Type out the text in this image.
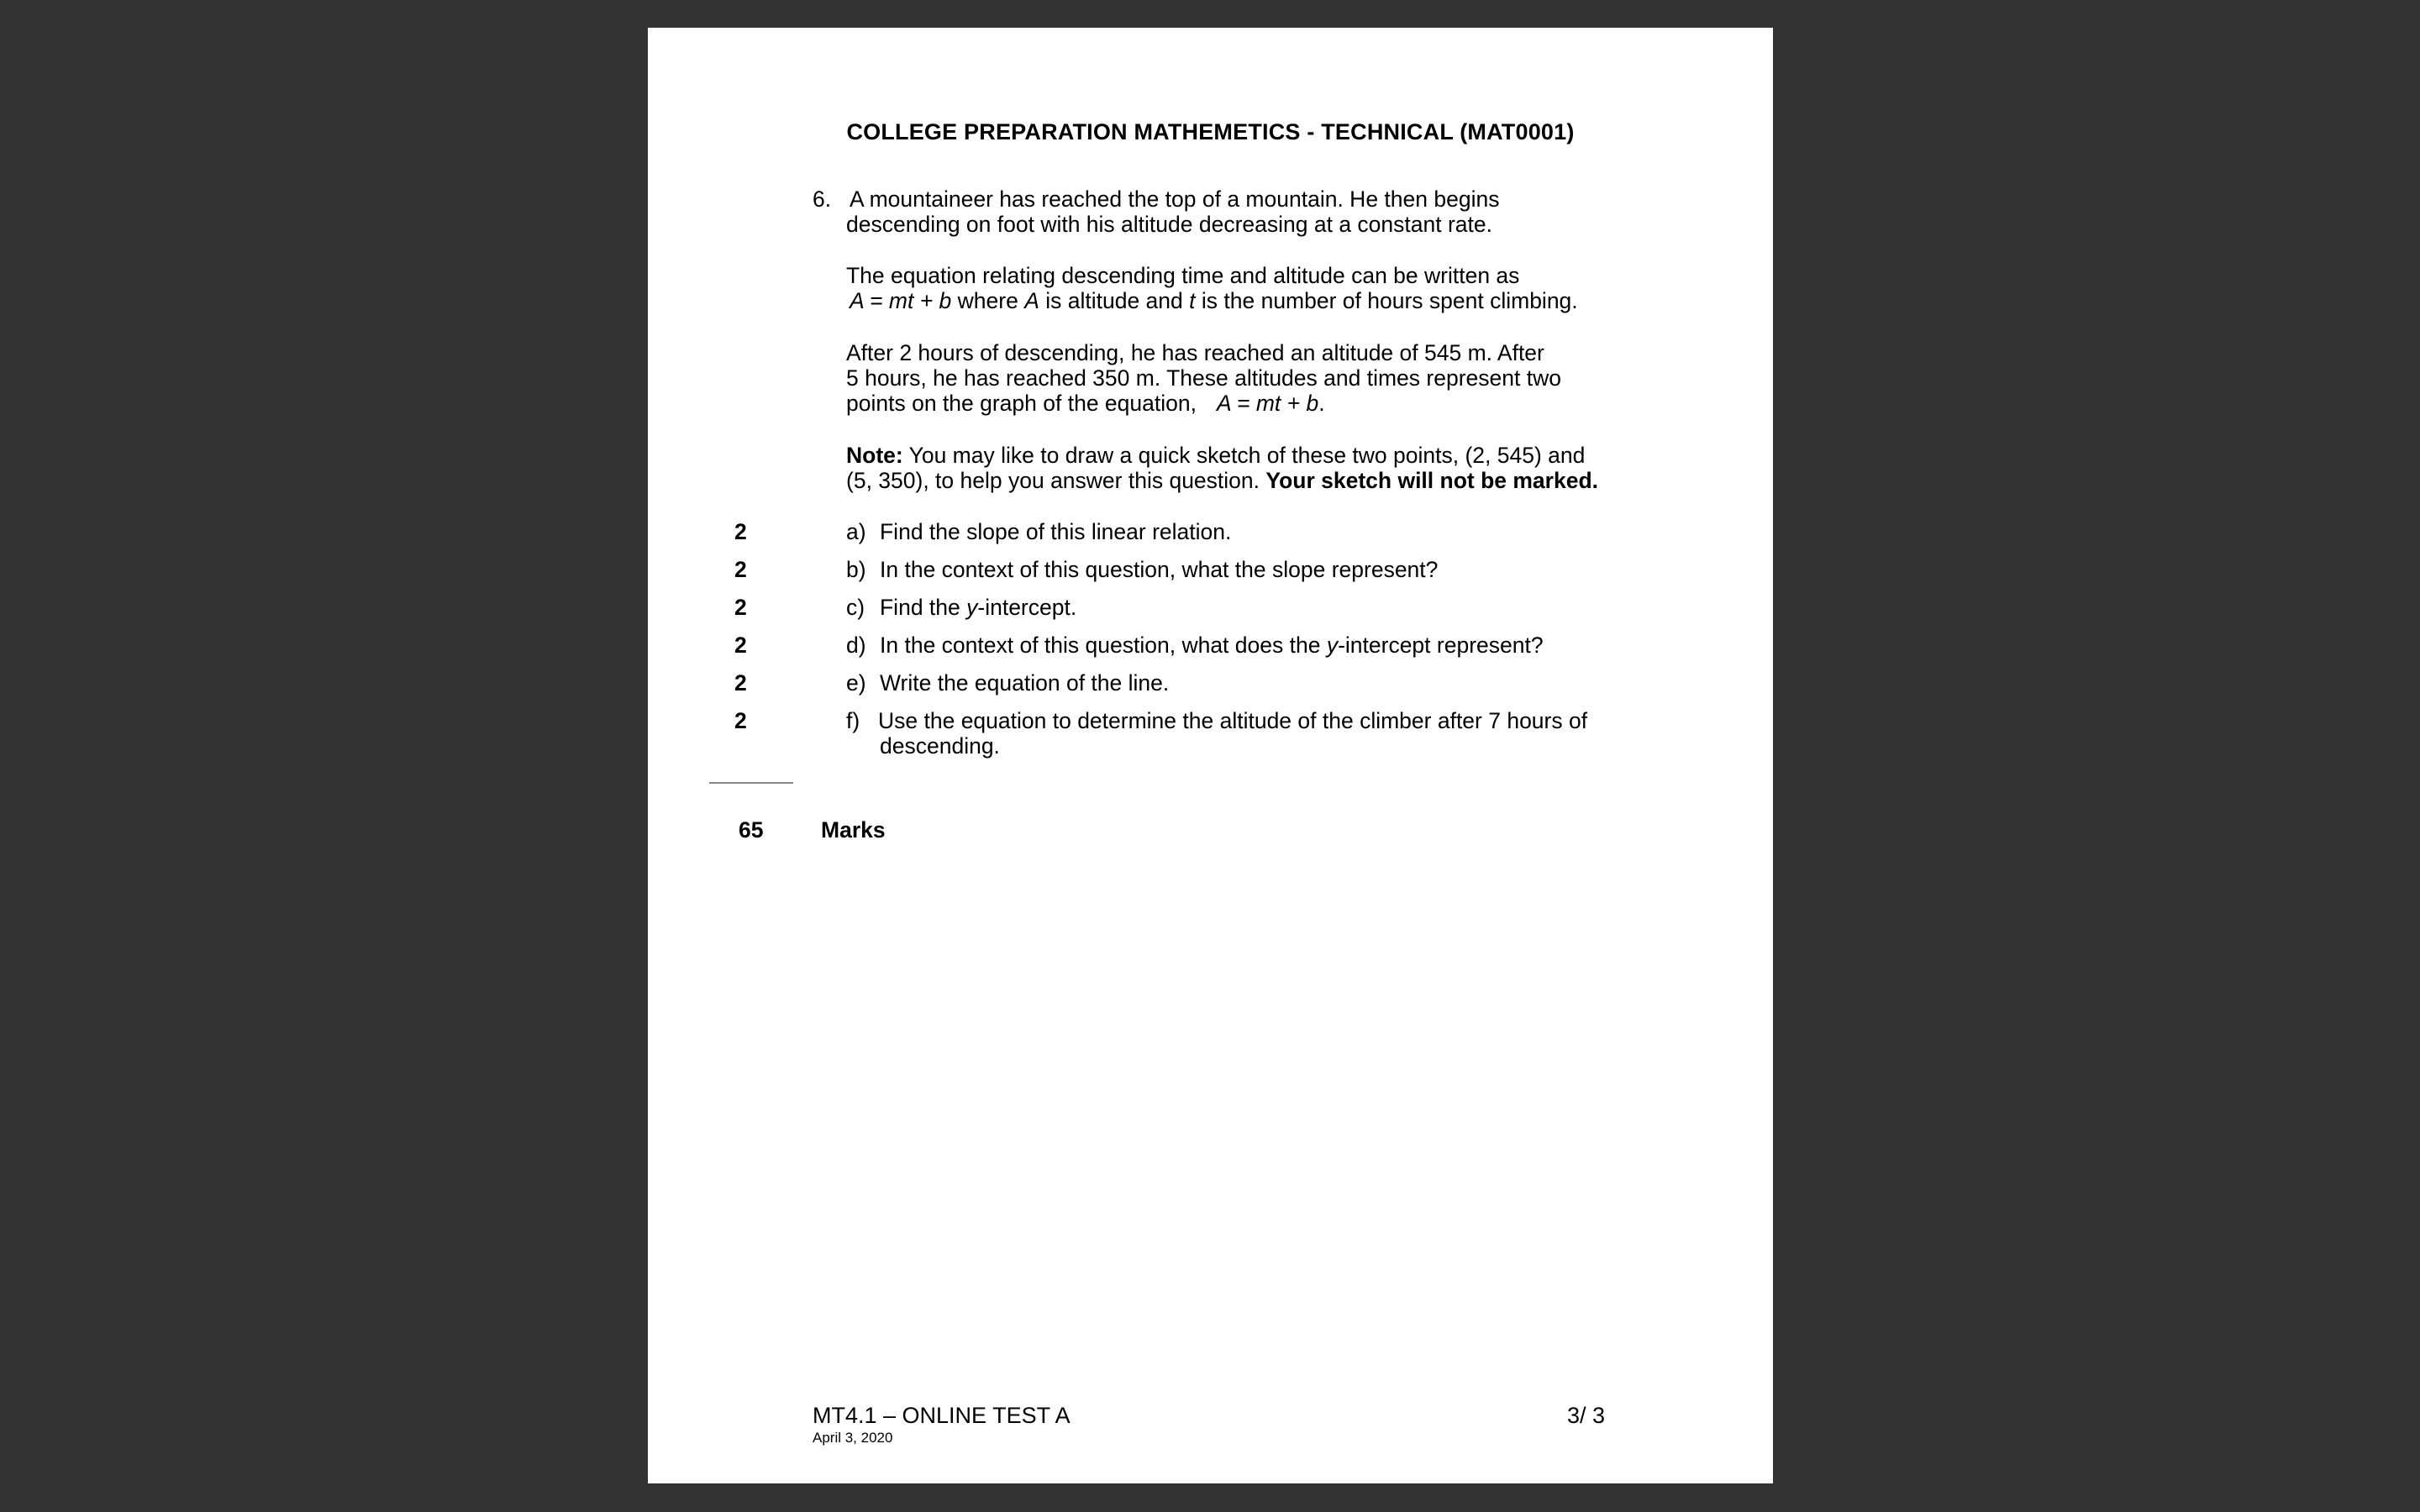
COLLEGE PREPARATION MATHEMETICS - TECHNICAL (MAT0001)
6. A mountaineer has reached the top of a mountain. He then begins
descending on foot with his altitude decreasing at a constant rate.
The equation relating descending time and altitude can be written as
A = mt + b where A is altitude and t is the number of hours spent climbing.
After 2 hours of descending, he has reached an altitude of 545 m. After
5 hours, he has reached 350 m. These altitudes and times represent two
points on the graph of the equation, A = mt + b.
Note: You may like to draw a quick sketch of these two points, (2, 545) and
(5, 350), to help you answer this question. Your sketch will not be marked.
2	a) Find the slope of this linear relation.
2	b) In the context of this question, what the slope represent?
2	c) Find the y-intercept.
2	d) In the context of this question, what does the y-intercept represent?
2	e) Write the equation of the line.
2	f) Use the equation to determine the altitude of the climber after 7 hours of
descending.
65	Marks
MT4.1 – ONLINE TEST A
April 3, 2020
3/ 3
